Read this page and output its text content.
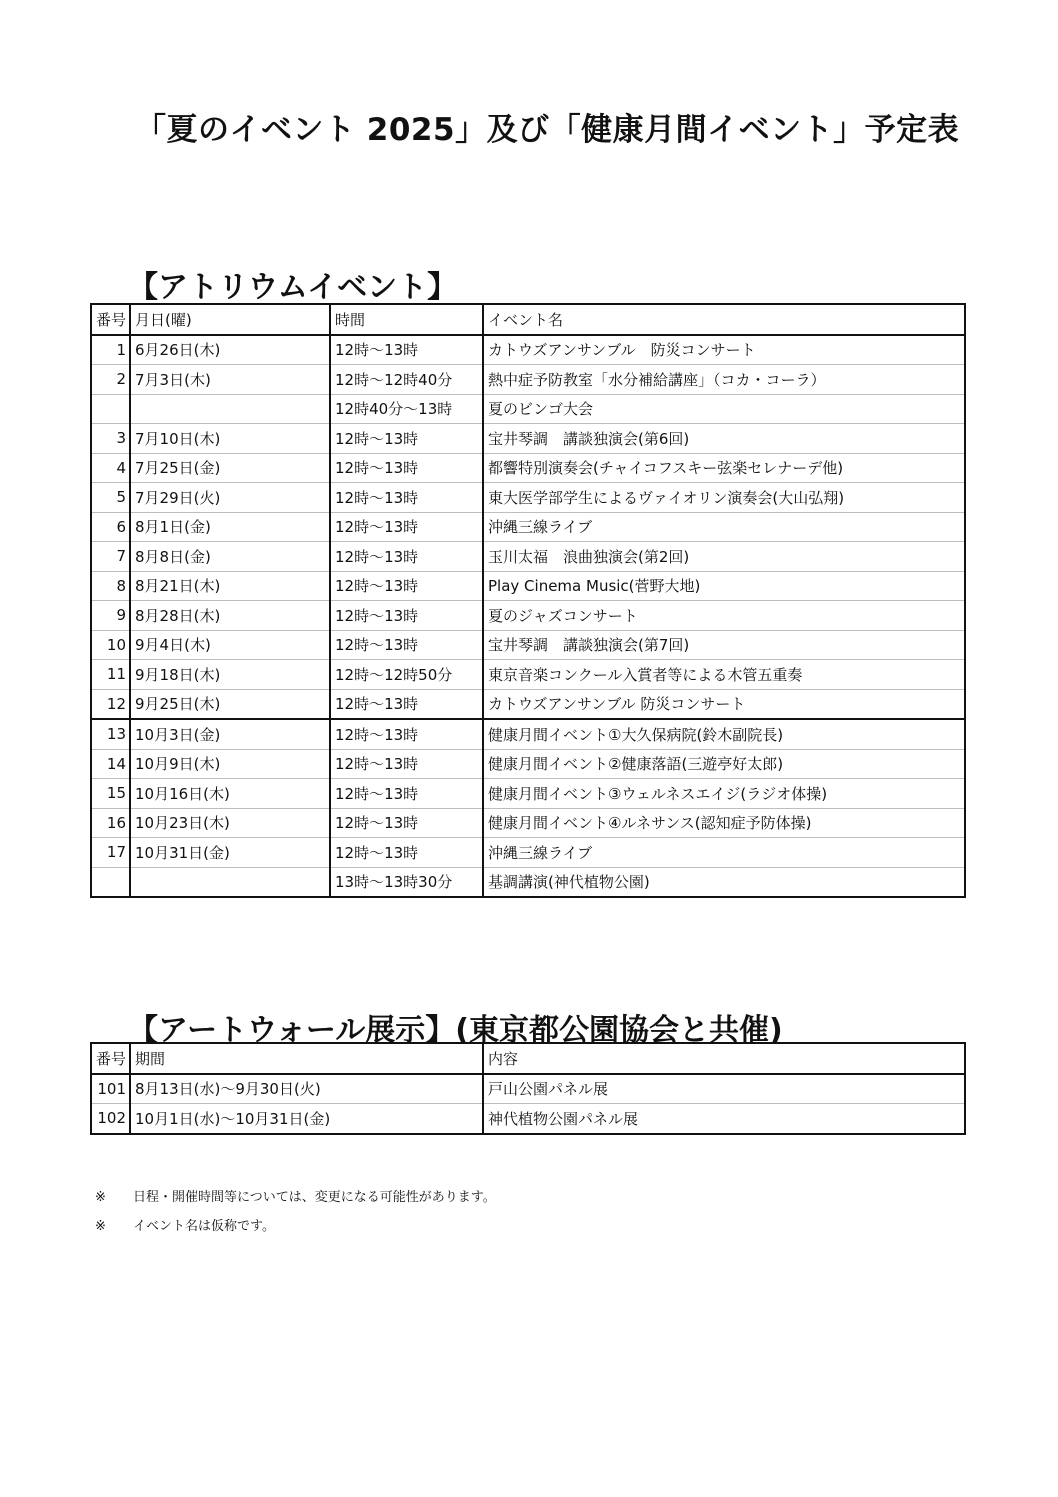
「夏のイベント 2025」及び「健康月間イベント」予定表
【アトリウムイベント】
番号	月日(曜)	時間	イベント名
1	6月26日(木)	12時～13時	カトウズアンサンブル　防災コンサート
2	7月3日(木)	12時～12時40分	熱中症予防教室「水分補給講座」（コカ・コーラ）
		12時40分～13時	夏のビンゴ大会
3	7月10日(木)	12時～13時	宝井琴調　講談独演会(第6回)
4	7月25日(金)	12時～13時	都響特別演奏会(チャイコフスキー弦楽セレナーデ他)
5	7月29日(火)	12時～13時	東大医学部学生によるヴァイオリン演奏会(大山弘翔)
6	8月1日(金)	12時～13時	沖縄三線ライブ
7	8月8日(金)	12時～13時	玉川太福　浪曲独演会(第2回)
8	8月21日(木)	12時～13時	Play Cinema Music(菅野大地)
9	8月28日(木)	12時～13時	夏のジャズコンサート
10	9月4日(木)	12時～13時	宝井琴調　講談独演会(第7回)
11	9月18日(木)	12時～12時50分	東京音楽コンクール入賞者等による木管五重奏
12	9月25日(木)	12時～13時	カトウズアンサンブル 防災コンサート
13	10月3日(金)	12時～13時	健康月間イベント①大久保病院(鈴木副院長)
14	10月9日(木)	12時～13時	健康月間イベント②健康落語(三遊亭好太郎)
15	10月16日(木)	12時～13時	健康月間イベント③ウェルネスエイジ(ラジオ体操)
16	10月23日(木)	12時～13時	健康月間イベント④ルネサンス(認知症予防体操)
17	10月31日(金)	12時～13時	沖縄三線ライブ
		13時～13時30分	基調講演(神代植物公園)
【アートウォール展示】(東京都公園協会と共催)
番号	期間	内容
101	8月13日(水)～9月30日(火)	戸山公園パネル展
102	10月1日(水)～10月31日(金)	神代植物公園パネル展
※	日程・開催時間等については、変更になる可能性があります。
※	イベント名は仮称です。
